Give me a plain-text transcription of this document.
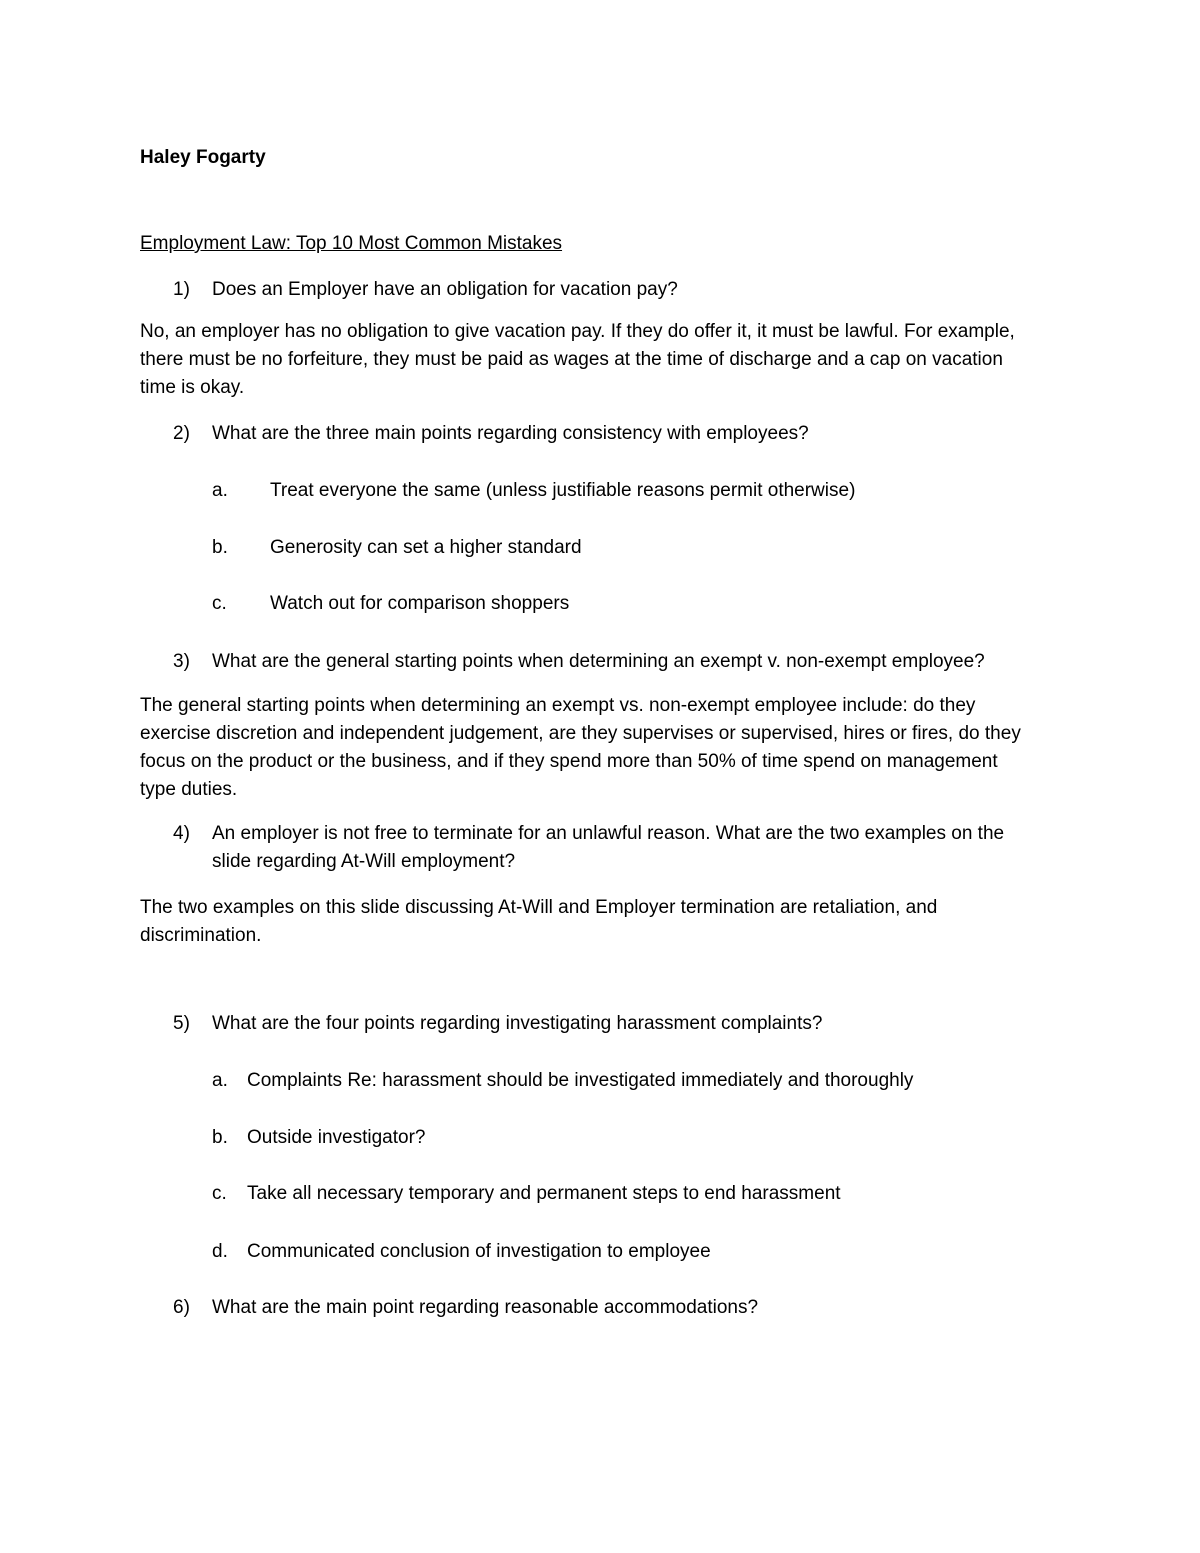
Haley Fogarty
Employment Law: Top 10 Most Common Mistakes
1) Does an Employer have an obligation for vacation pay?
No, an employer has no obligation to give vacation pay. If they do offer it, it must be lawful. For example,
there must be no forfeiture, they must be paid as wages at the time of discharge and a cap on vacation
time is okay.
2) What are the three main points regarding consistency with employees?
a. Treat everyone the same (unless justifiable reasons permit otherwise)
b. Generosity can set a higher standard
c. Watch out for comparison shoppers
3) What are the general starting points when determining an exempt v. non-exempt employee?
The general starting points when determining an exempt vs. non-exempt employee include: do they
exercise discretion and independent judgement, are they supervises or supervised, hires or fires, do they
focus on the product or the business, and if they spend more than 50% of time spend on management
type duties.
4) An employer is not free to terminate for an unlawful reason. What are the two examples on the
slide regarding At-Will employment?
The two examples on this slide discussing At-Will and Employer termination are retaliation, and
discrimination.
5) What are the four points regarding investigating harassment complaints?
a. Complaints Re: harassment should be investigated immediately and thoroughly
b. Outside investigator?
c. Take all necessary temporary and permanent steps to end harassment
d. Communicated conclusion of investigation to employee
6) What are the main point regarding reasonable accommodations?
